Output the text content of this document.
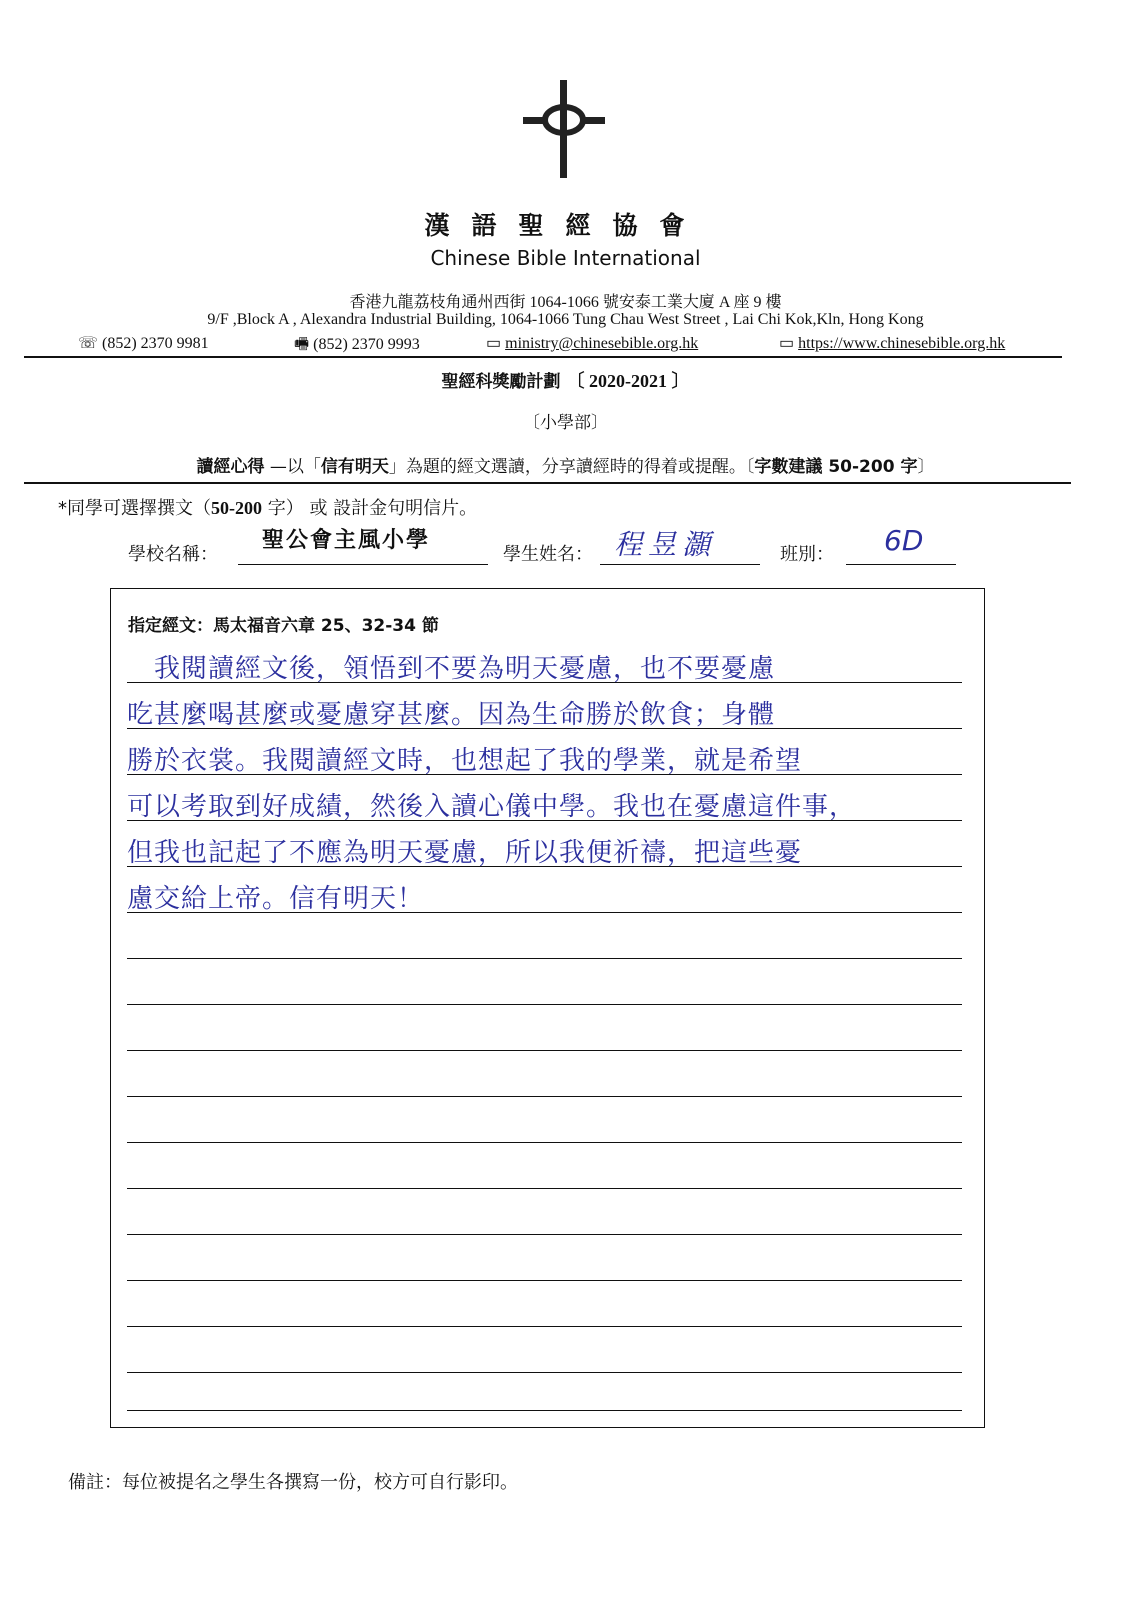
漢語聖經協會
Chinese Bible International
香港九龍荔枝角通州西街 1064-1066 號安泰工業大廈 A 座 9 樓
9/F ,Block A , Alexandra Industrial Building, 1064-1066 Tung Chau West Street , Lai Chi Kok,Kln, Hong Kong
☏ (852) 2370 9981	🖷 (852) 2370 9993	▭ ministry@chinesebible.org.hk	▭ https://www.chinesebible.org.hk
聖經科獎勵計劃 〔 2020-2021 〕
〔小學部〕
讀經心得 —以「信有明天」為題的經文選讀，分享讀經時的得着或提醒。〔字數建議 50-200 字〕
*同學可選擇撰文（50-200 字） 或 設計金句明信片。
學校名稱：
聖公會主風小學
學生姓名： 程昱灝	班別： 6D
指定經文：馬太福音六章 25、32-34 節
　我閱讀經文後，領悟到不要為明天憂慮，也不要憂慮
吃甚麼喝甚麼或憂慮穿甚麼。因為生命勝於飲食；身體
勝於衣裳。我閱讀經文時，也想起了我的學業，就是希望
可以考取到好成績，然後入讀心儀中學。我也在憂慮這件事，
但我也記起了不應為明天憂慮，所以我便祈禱，把這些憂
慮交給上帝。信有明天！
備註：每位被提名之學生各撰寫一份，校方可自行影印。
